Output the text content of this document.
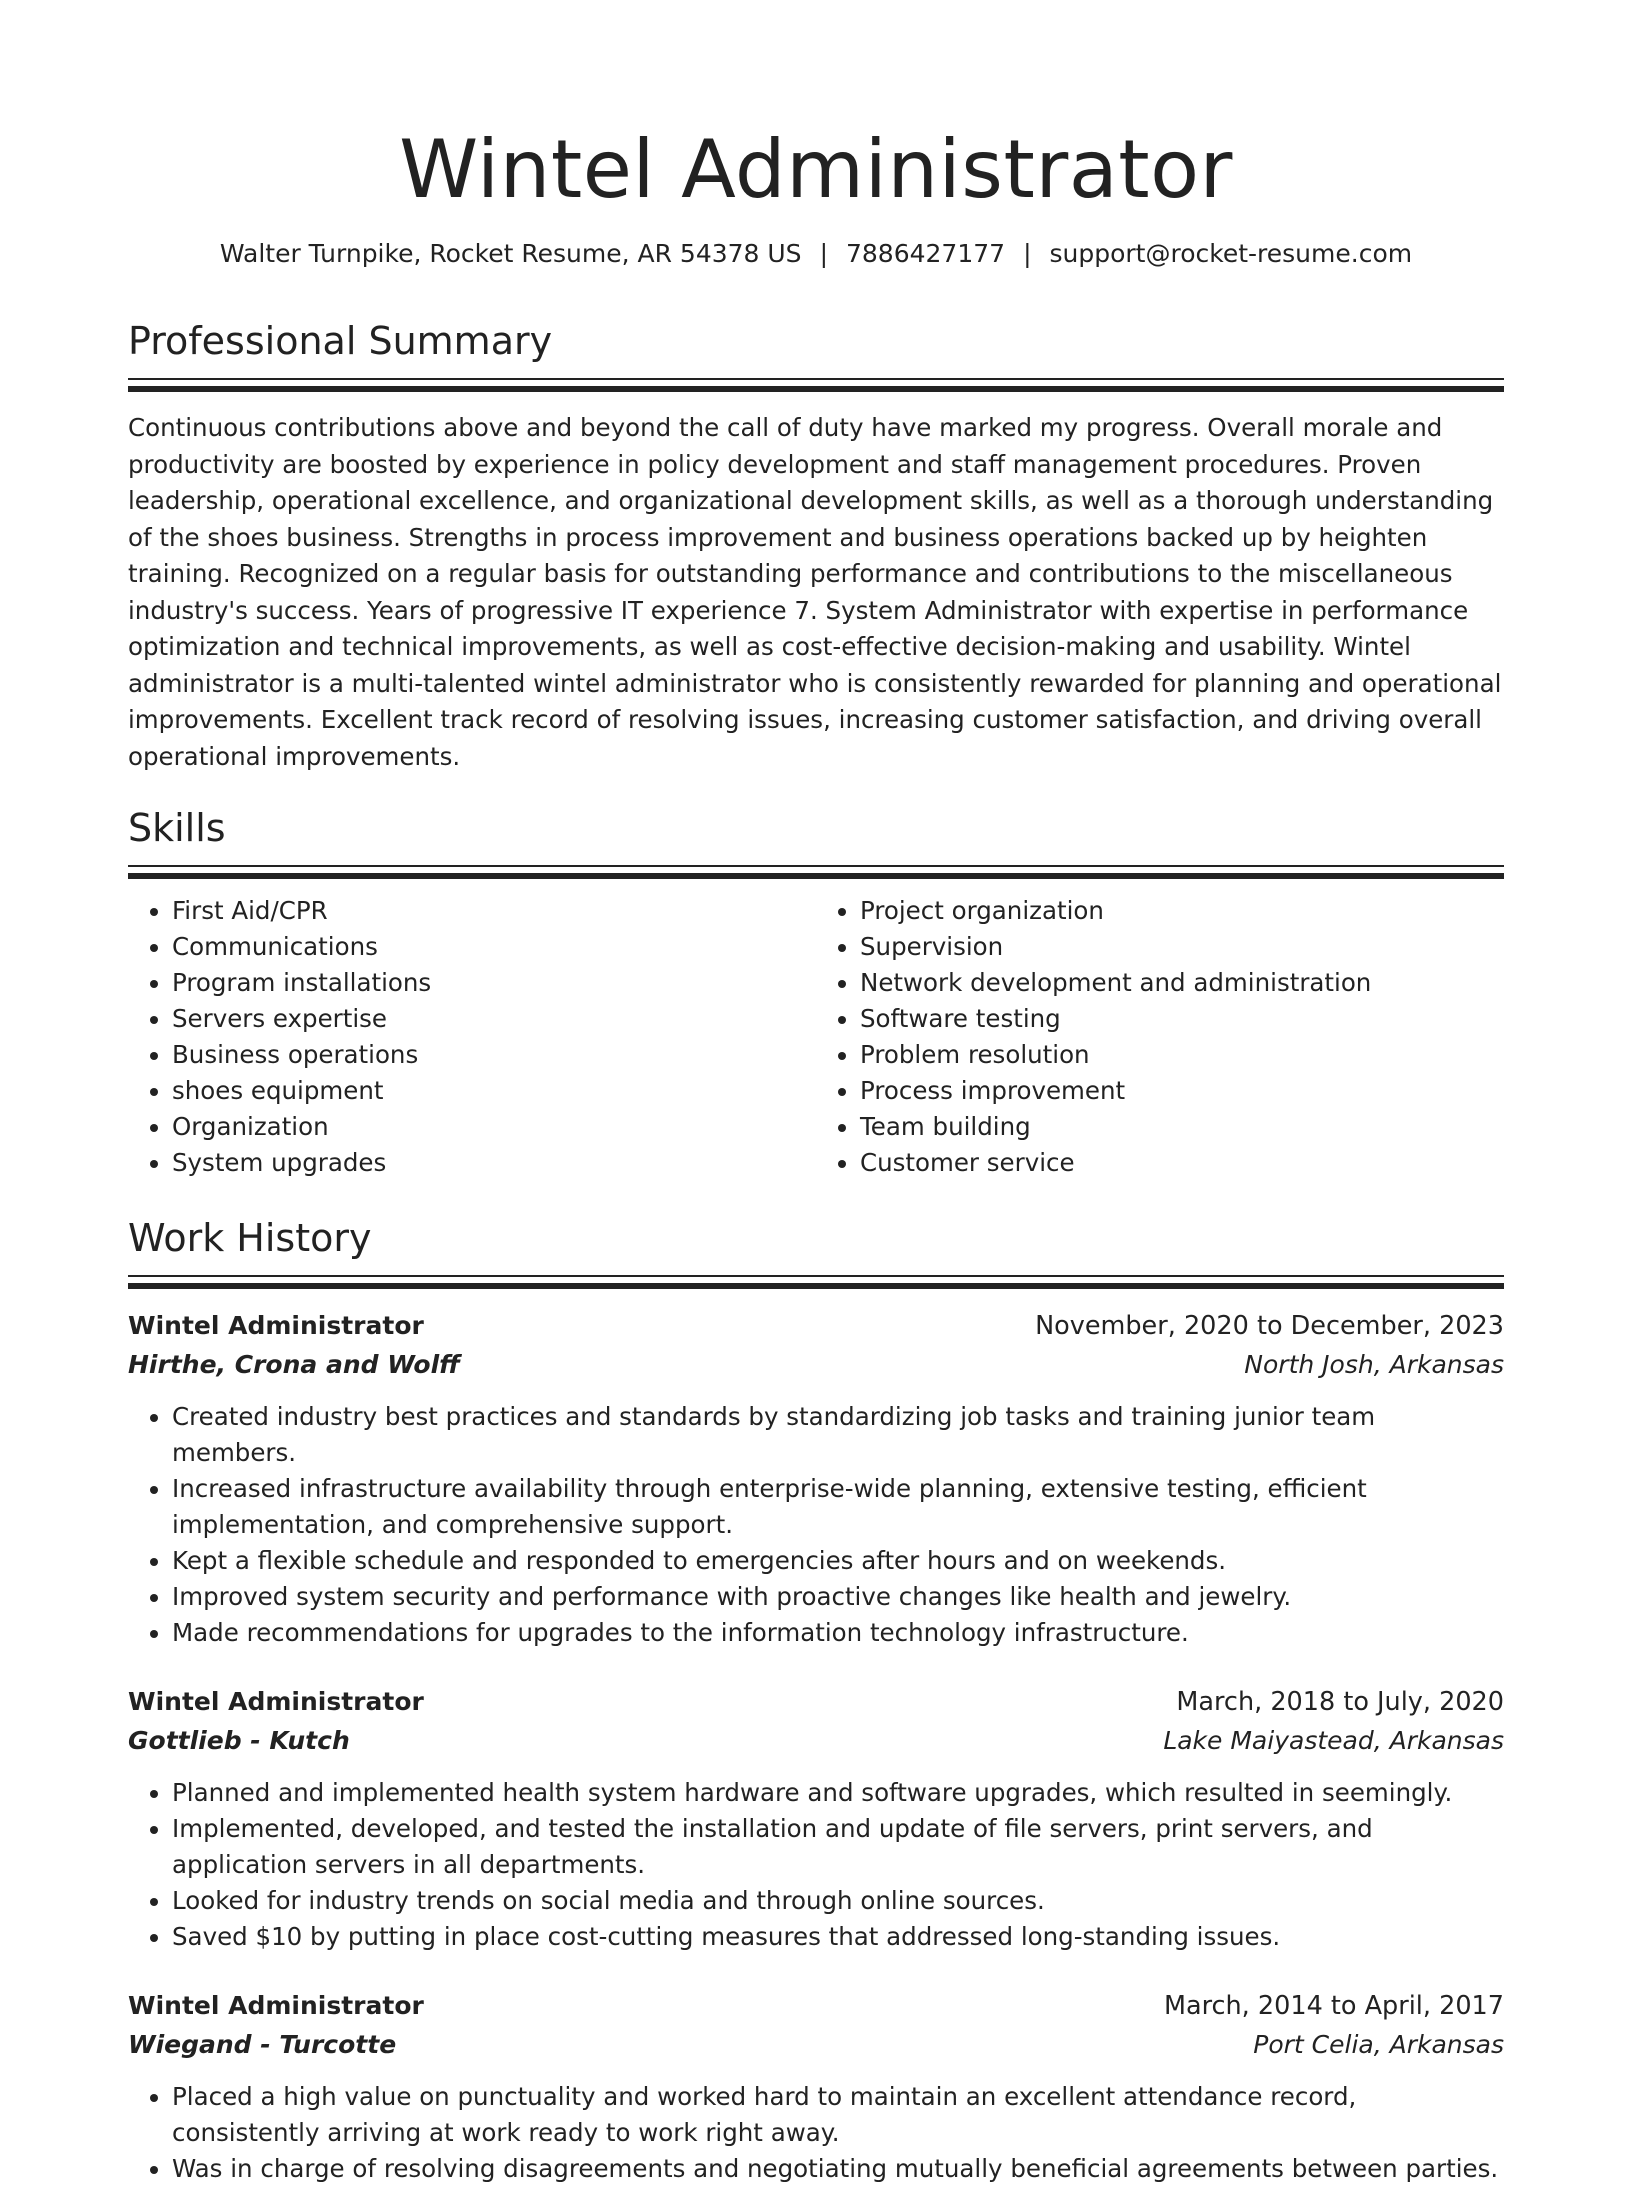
Wintel Administrator
Walter Turnpike, Rocket Resume, AR 54378 US | 7886427177 | support@rocket-resume.com
Professional Summary

Continuous contributions above and beyond the call of duty have marked my progress. Overall morale and productivity are boosted by experience in policy development and staff management procedures. Proven leadership, operational excellence, and organizational development skills, as well as a thorough understanding of the shoes business. Strengths in process improvement and business operations backed up by heighten training. Recognized on a regular basis for outstanding performance and contributions to the miscellaneous industry's success. Years of progressive IT experience 7. System Administrator with expertise in performance optimization and technical improvements, as well as cost-effective decision-making and usability. Wintel administrator is a multi-talented wintel administrator who is consistently rewarded for planning and operational improvements. Excellent track record of resolving issues, increasing customer satisfaction, and driving overall operational improvements.

Skills
• First Aid/CPR
• Communications
• Program installations
• Servers expertise
• Business operations
• shoes equipment
• Organization
• System upgrades
• Project organization
• Supervision
• Network development and administration
• Software testing
• Problem resolution
• Process improvement
• Team building
• Customer service
Work History
Wintel Administrator	November, 2020 to December, 2023
Hirthe, Crona and Wolff	North Josh, Arkansas
• Created industry best practices and standards by standardizing job tasks and training junior team members.
• Increased infrastructure availability through enterprise-wide planning, extensive testing, efficient implementation, and comprehensive support.
• Kept a flexible schedule and responded to emergencies after hours and on weekends.
• Improved system security and performance with proactive changes like health and jewelry.
• Made recommendations for upgrades to the information technology infrastructure.
Wintel Administrator	March, 2018 to July, 2020
Gottlieb - Kutch	Lake Maiyastead, Arkansas
• Planned and implemented health system hardware and software upgrades, which resulted in seemingly.
• Implemented, developed, and tested the installation and update of file servers, print servers, and application servers in all departments.
• Looked for industry trends on social media and through online sources.
• Saved $10 by putting in place cost-cutting measures that addressed long-standing issues.
Wintel Administrator	March, 2014 to April, 2017
Wiegand - Turcotte	Port Celia, Arkansas
• Placed a high value on punctuality and worked hard to maintain an excellent attendance record, consistently arriving at work ready to work right away.
• Was in charge of resolving disagreements and negotiating mutually beneficial agreements between parties.
